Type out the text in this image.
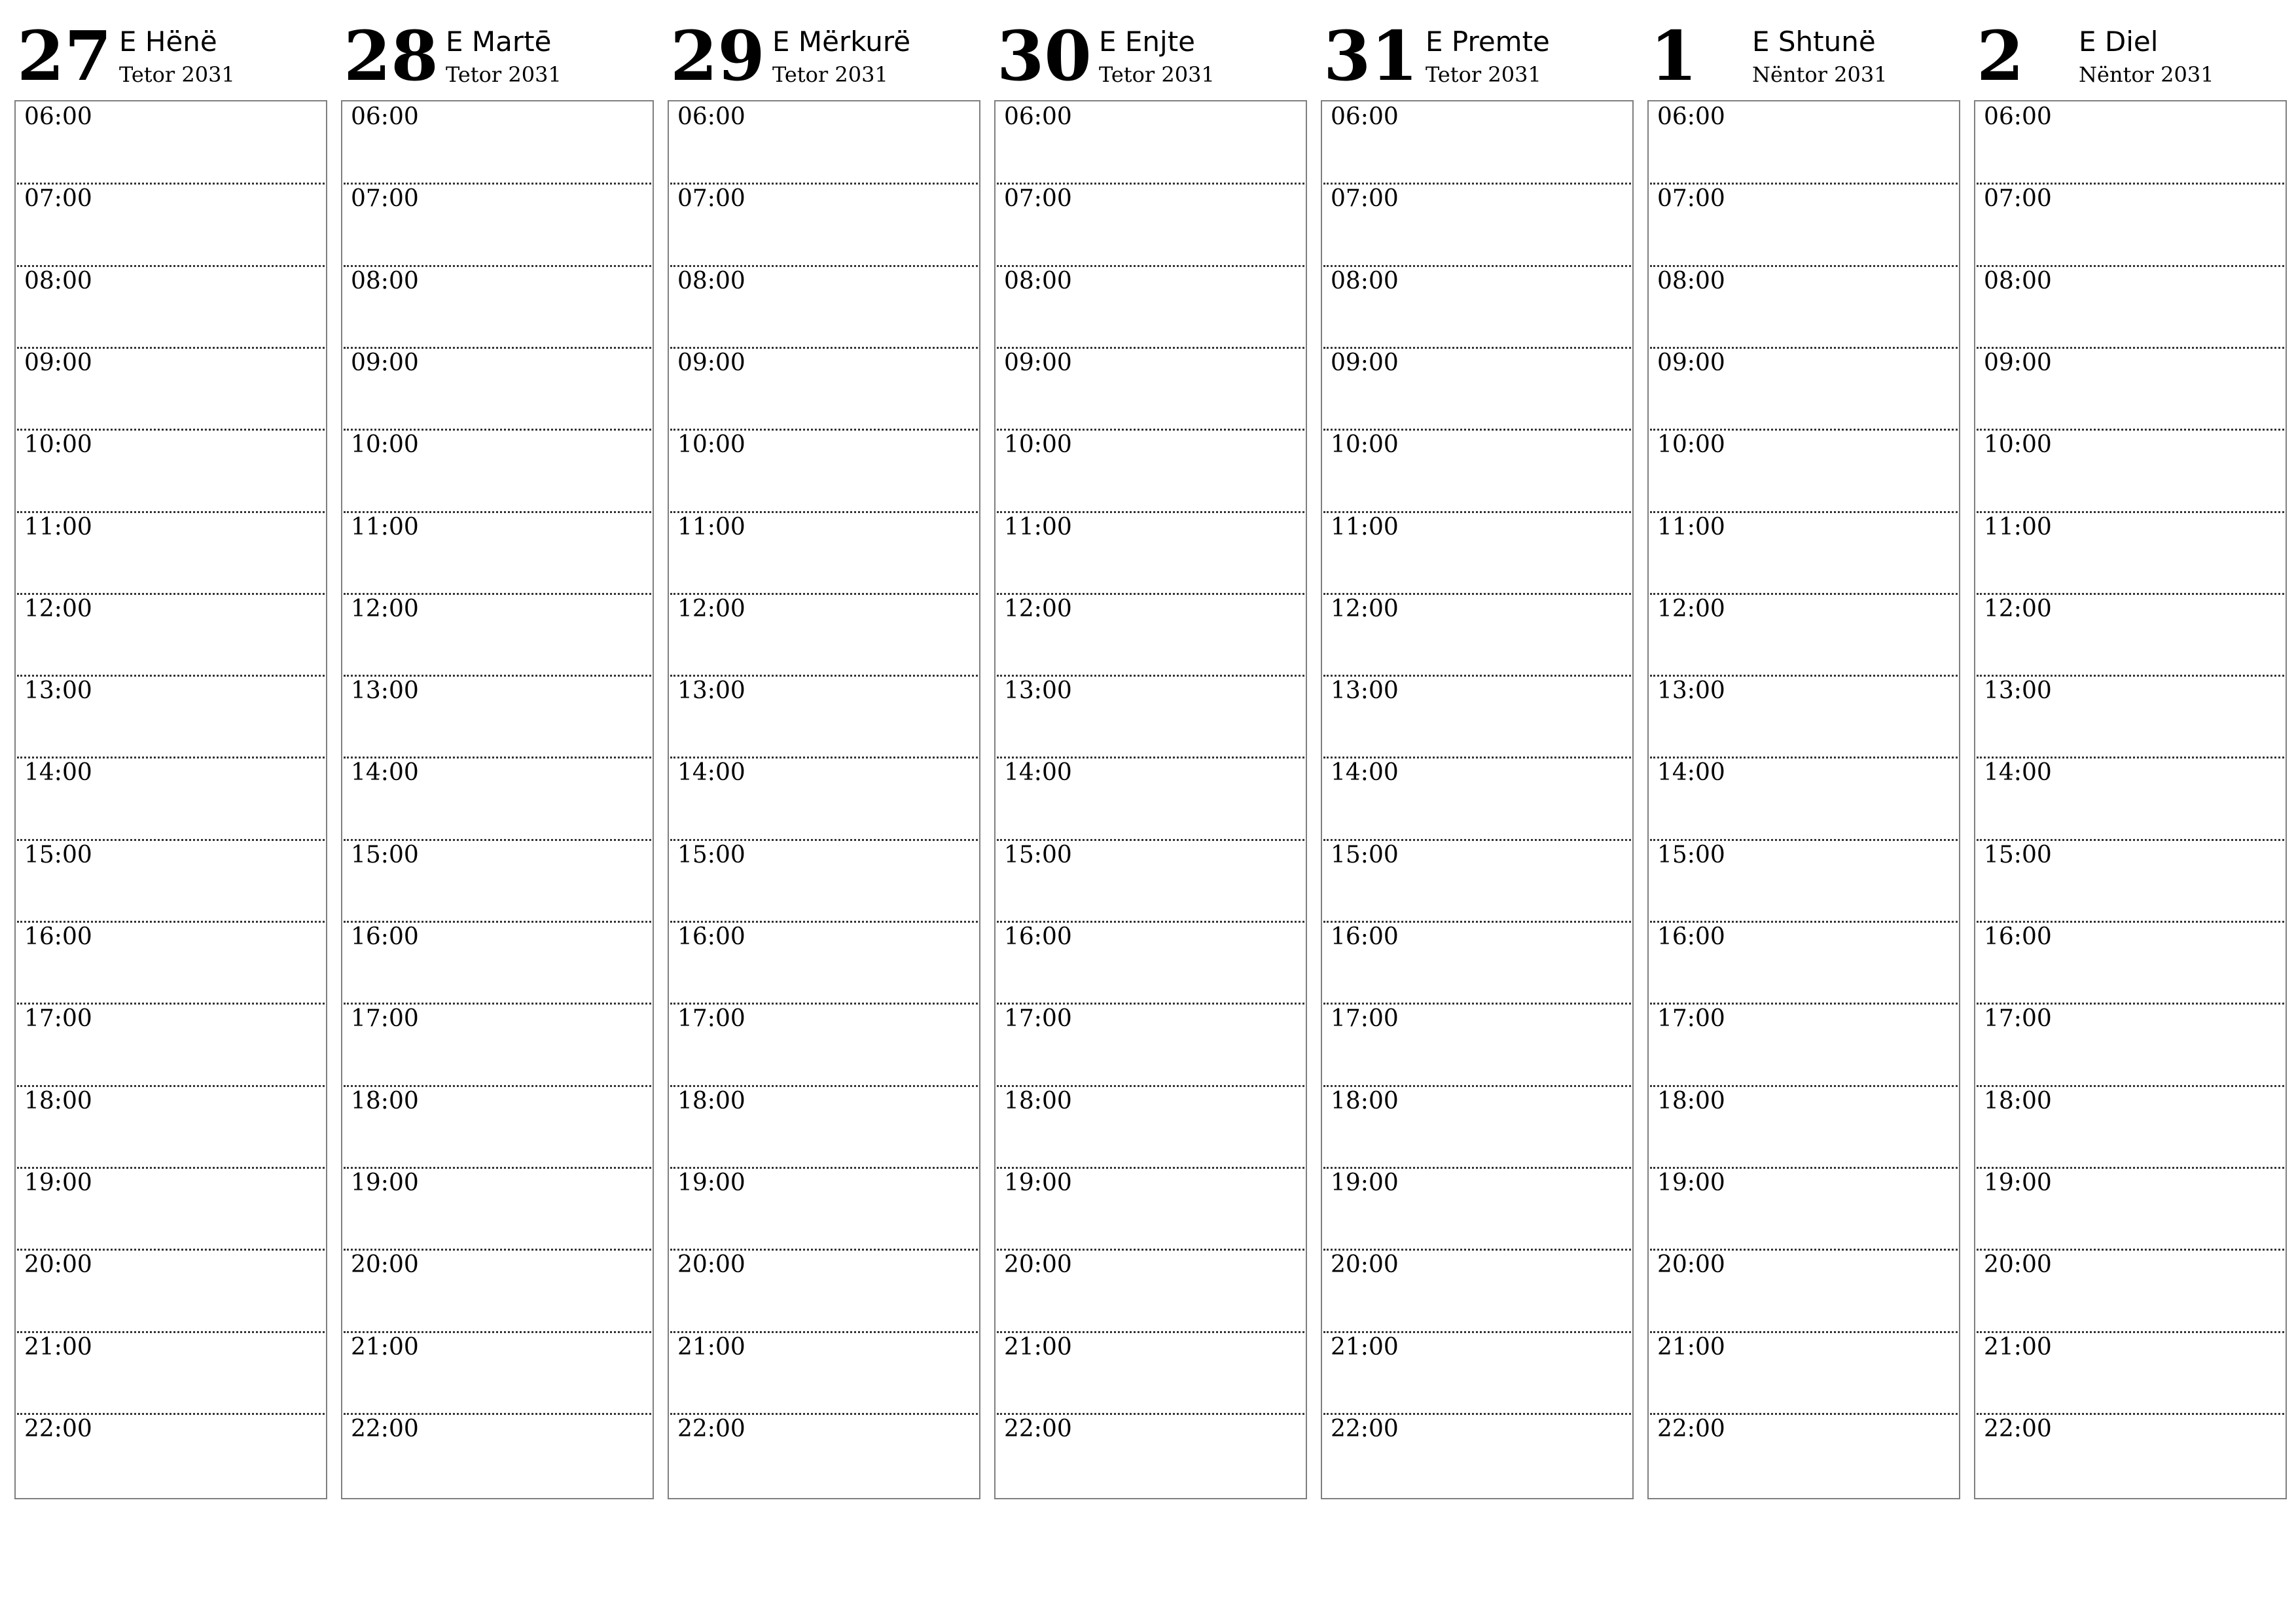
27 E Hënë
Tetor 2031
06:00
07:00
08:00
09:00
10:00
11:00
12:00
13:00
14:00
15:00
16:00
17:00
18:00
19:00
20:00
21:00
22:00
28 E Martē
Tetor 2031
06:00
07:00
08:00
09:00
10:00
11:00
12:00
13:00
14:00
15:00
16:00
17:00
18:00
19:00
20:00
21:00
22:00
29 E Mërkurë
Tetor 2031
06:00
07:00
08:00
09:00
10:00
11:00
12:00
13:00
14:00
15:00
16:00
17:00
18:00
19:00
20:00
21:00
22:00
30 E Enjte
Tetor 2031
06:00
07:00
08:00
09:00
10:00
11:00
12:00
13:00
14:00
15:00
16:00
17:00
18:00
19:00
20:00
21:00
22:00
31 E Premte
Tetor 2031
06:00
07:00
08:00
09:00
10:00
11:00
12:00
13:00
14:00
15:00
16:00
17:00
18:00
19:00
20:00
21:00
22:00
1 E Shtunë
Nëntor 2031
06:00
07:00
08:00
09:00
10:00
11:00
12:00
13:00
14:00
15:00
16:00
17:00
18:00
19:00
20:00
21:00
22:00
2 E Diel
Nëntor 2031
06:00
07:00
08:00
09:00
10:00
11:00
12:00
13:00
14:00
15:00
16:00
17:00
18:00
19:00
20:00
21:00
22:00
